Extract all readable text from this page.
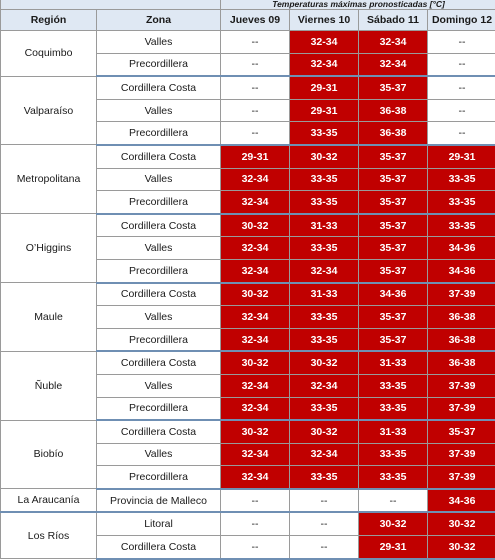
		Temperaturas máximas pronosticadas [°C]			
Región	Zona	Jueves 09	Viernes 10	Sábado 11	Domingo 12
Coquimbo	Valles	--	32-34	32-34	--
	Precordillera	--	32-34	32-34	--
Valparaíso	Cordillera Costa	--	29-31	35-37	--
	Valles	--	29-31	36-38	--
	Precordillera	--	33-35	36-38	--
Metropolitana	Cordillera Costa	29-31	30-32	35-37	29-31
	Valles	32-34	33-35	35-37	33-35
	Precordillera	32-34	33-35	35-37	33-35
O’Higgins	Cordillera Costa	30-32	31-33	35-37	33-35
	Valles	32-34	33-35	35-37	34-36
	Precordillera	32-34	32-34	35-37	34-36
Maule	Cordillera Costa	30-32	31-33	34-36	37-39
	Valles	32-34	33-35	35-37	36-38
	Precordillera	32-34	33-35	35-37	36-38
Ñuble	Cordillera Costa	30-32	30-32	31-33	36-38
	Valles	32-34	32-34	33-35	37-39
	Precordillera	32-34	33-35	33-35	37-39
Biobío	Cordillera Costa	30-32	30-32	31-33	35-37
	Valles	32-34	32-34	33-35	37-39
	Precordillera	32-34	33-35	33-35	37-39
La Araucanía	Provincia de Malleco	--	--	--	34-36
Los Ríos	Litoral	--	--	30-32	30-32
	Cordillera Costa	--	--	29-31	30-32
